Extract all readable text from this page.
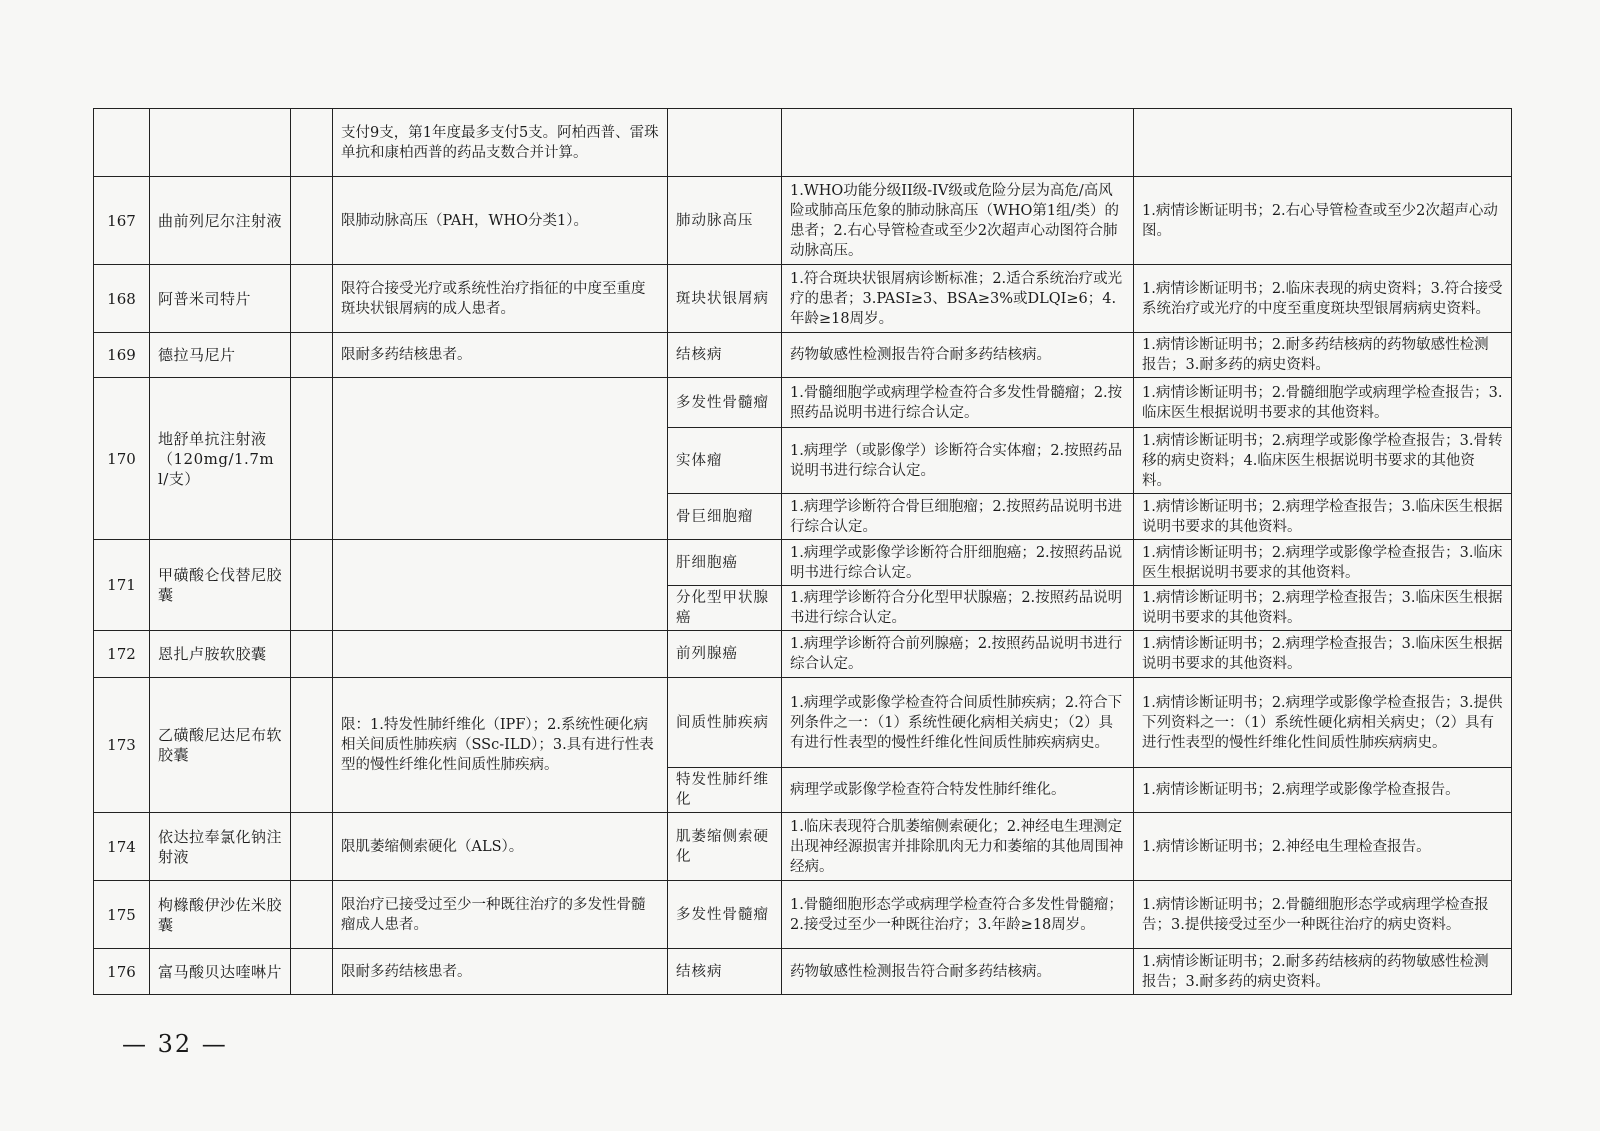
			支付9支，第1年度最多支付5支。阿柏西普、雷珠单抗和康柏西普的药品支数合并计算。			
167	曲前列尼尔注射液		限肺动脉高压（PAH，WHO分类1）。	肺动脉高压	1.WHO功能分级II级-IV级或危险分层为高危/高风险或肺高压危象的肺动脉高压（WHO第1组/类）的患者；2.右心导管检查或至少2次超声心动图符合肺动脉高压。	1.病情诊断证明书；2.右心导管检查或至少2次超声心动图。
168	阿普米司特片		限符合接受光疗或系统性治疗指征的中度至重度斑块状银屑病的成人患者。	斑块状银屑病	1.符合斑块状银屑病诊断标准；2.适合系统治疗或光疗的患者；3.PASI≥3、BSA≥3%或DLQI≥6；4.年龄≥18周岁。	1.病情诊断证明书；2.临床表现的病史资料；3.符合接受系统治疗或光疗的中度至重度斑块型银屑病病史资料。
169	德拉马尼片		限耐多药结核患者。	结核病	药物敏感性检测报告符合耐多药结核病。	1.病情诊断证明书；2.耐多药结核病的药物敏感性检测报告；3.耐多药的病史资料。
170	地舒单抗注射液（120mg/1.7ml/支）			多发性骨髓瘤	1.骨髓细胞学或病理学检查符合多发性骨髓瘤；2.按照药品说明书进行综合认定。	1.病情诊断证明书；2.骨髓细胞学或病理学检查报告；3.临床医生根据说明书要求的其他资料。
				实体瘤	1.病理学（或影像学）诊断符合实体瘤；2.按照药品说明书进行综合认定。	1.病情诊断证明书；2.病理学或影像学检查报告；3.骨转移的病史资料；4.临床医生根据说明书要求的其他资料。
				骨巨细胞瘤	1.病理学诊断符合骨巨细胞瘤；2.按照药品说明书进行综合认定。	1.病情诊断证明书；2.病理学检查报告；3.临床医生根据说明书要求的其他资料。
171	甲磺酸仑伐替尼胶囊			肝细胞癌	1.病理学或影像学诊断符合肝细胞癌；2.按照药品说明书进行综合认定。	1.病情诊断证明书；2.病理学或影像学检查报告；3.临床医生根据说明书要求的其他资料。
				分化型甲状腺癌	1.病理学诊断符合分化型甲状腺癌；2.按照药品说明书进行综合认定。	1.病情诊断证明书；2.病理学检查报告；3.临床医生根据说明书要求的其他资料。
172	恩扎卢胺软胶囊			前列腺癌	1.病理学诊断符合前列腺癌；2.按照药品说明书进行综合认定。	1.病情诊断证明书；2.病理学检查报告；3.临床医生根据说明书要求的其他资料。
173	乙磺酸尼达尼布软胶囊		限：1.特发性肺纤维化（IPF）；2.系统性硬化病相关间质性肺疾病（SSc-ILD）；3.具有进行性表型的慢性纤维化性间质性肺疾病。	间质性肺疾病	1.病理学或影像学检查符合间质性肺疾病；2.符合下列条件之一：（1）系统性硬化病相关病史；（2）具有进行性表型的慢性纤维化性间质性肺疾病病史。	1.病情诊断证明书；2.病理学或影像学检查报告；3.提供下列资料之一：（1）系统性硬化病相关病史；（2）具有进行性表型的慢性纤维化性间质性肺疾病病史。
				特发性肺纤维化	病理学或影像学检查符合特发性肺纤维化。	1.病情诊断证明书；2.病理学或影像学检查报告。
174	依达拉奉氯化钠注射液		限肌萎缩侧索硬化（ALS）。	肌萎缩侧索硬化	1.临床表现符合肌萎缩侧索硬化；2.神经电生理测定出现神经源损害并排除肌肉无力和萎缩的其他周围神经病。	1.病情诊断证明书；2.神经电生理检查报告。
175	枸橼酸伊沙佐米胶囊		限治疗已接受过至少一种既往治疗的多发性骨髓瘤成人患者。	多发性骨髓瘤	1.骨髓细胞形态学或病理学检查符合多发性骨髓瘤；2.接受过至少一种既往治疗；3.年龄≥18周岁。	1.病情诊断证明书；2.骨髓细胞形态学或病理学检查报告；3.提供接受过至少一种既往治疗的病史资料。
176	富马酸贝达喹啉片		限耐多药结核患者。	结核病	药物敏感性检测报告符合耐多药结核病。	1.病情诊断证明书；2.耐多药结核病的药物敏感性检测报告；3.耐多药的病史资料。
— 32 —
